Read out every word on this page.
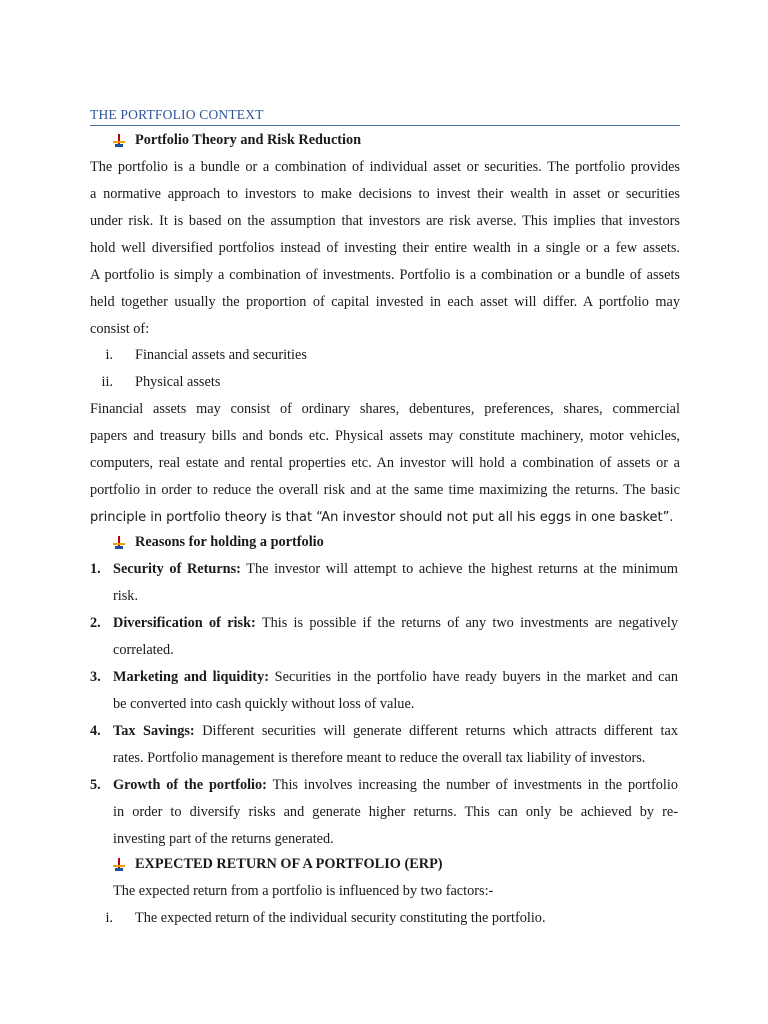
THE PORTFOLIO CONTEXT
Portfolio Theory and Risk Reduction
The portfolio is a bundle or a combination of individual asset or securities. The portfolio provides
a normative approach to investors to make decisions to invest their wealth in asset or securities
under risk. It is based on the assumption that investors are risk averse. This implies that investors
hold well diversified portfolios instead of investing their entire wealth in a single or a few assets.
A portfolio is simply a combination of investments. Portfolio is a combination or a bundle of assets
held together usually the proportion of capital invested in each asset will differ. A portfolio may
consist of:
i. Financial assets and securities
ii. Physical assets
Financial assets may consist of ordinary shares, debentures, preferences, shares, commercial
papers and treasury bills and bonds etc. Physical assets may constitute machinery, motor vehicles,
computers, real estate and rental properties etc. An investor will hold a combination of assets or a
portfolio in order to reduce the overall risk and at the same time maximizing the returns. The basic
principle in portfolio theory is that “An investor should not put all his eggs in one basket”.
Reasons for holding a portfolio
1. Security of Returns: The investor will attempt to achieve the highest returns at the minimum
risk.
2. Diversification of risk: This is possible if the returns of any two investments are negatively
correlated.
3. Marketing and liquidity: Securities in the portfolio have ready buyers in the market and can
be converted into cash quickly without loss of value.
4. Tax Savings: Different securities will generate different returns which attracts different tax
rates. Portfolio management is therefore meant to reduce the overall tax liability of investors.
5. Growth of the portfolio: This involves increasing the number of investments in the portfolio
in order to diversify risks and generate higher returns. This can only be achieved by re-
investing part of the returns generated.
EXPECTED RETURN OF A PORTFOLIO (ERP)
The expected return from a portfolio is influenced by two factors:-
i. The expected return of the individual security constituting the portfolio.
